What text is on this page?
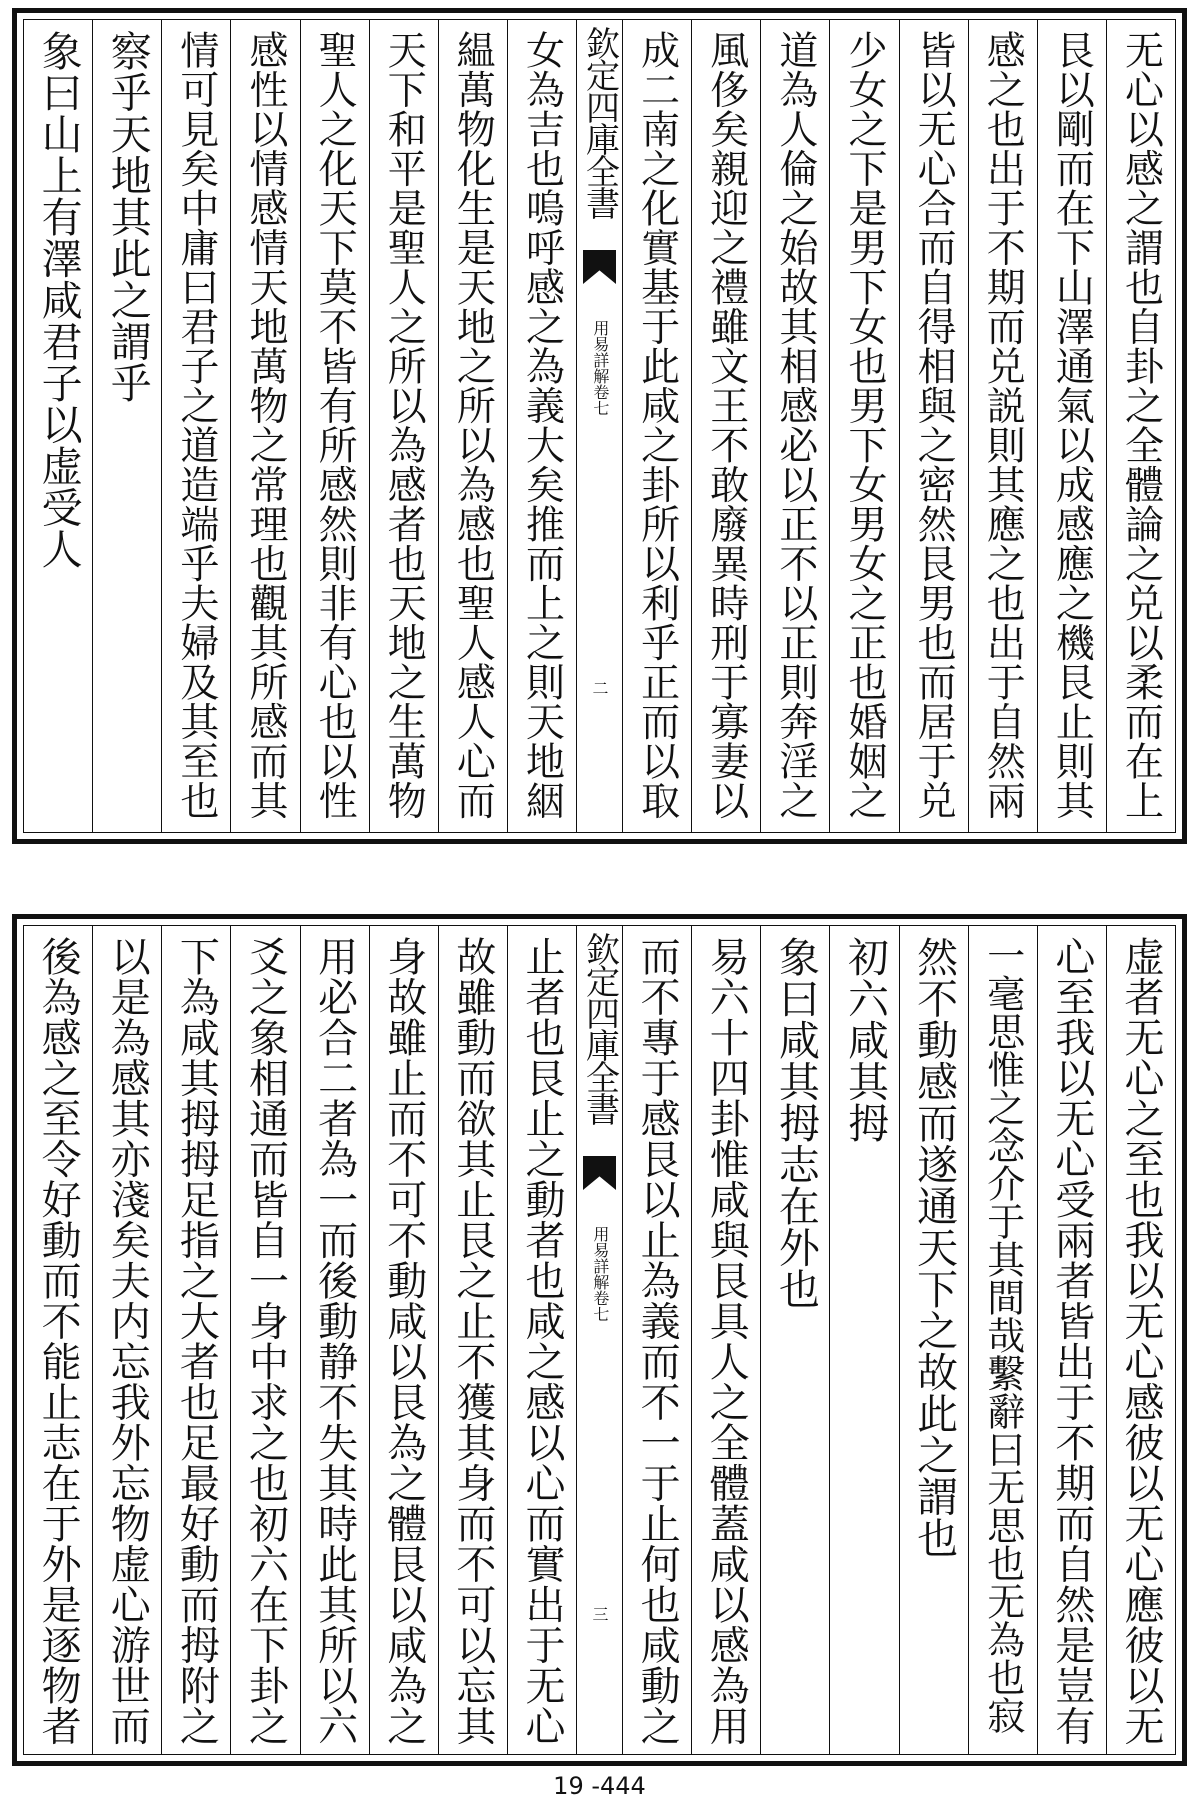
无心以感之謂也自卦之全體論之兑以柔而在上
艮以剛而在下山澤通氣以成感應之機艮止則其
感之也出于不期而兑説則其應之也出于自然兩
皆以无心合而自得相與之密然艮男也而居于兑
少女之下是男下女也男下女男女之正也婚姻之
道為人倫之始故其相感必以正不以正則奔淫之
風侈矣親迎之禮雖文王不敢廢異時刑于寡妻以
成二南之化實基于此咸之卦所以利乎正而以取
欽定四庫全書
用易詳解
卷七
二
女為吉也嗚呼感之為義大矣推而上之則天地絪
緼萬物化生是天地之所以為感也聖人感人心而
天下和平是聖人之所以為感者也天地之生萬物
聖人之化天下莫不皆有所感然則非有心也以性
感性以情感情天地萬物之常理也觀其所感而其
情可見矣中庸曰君子之道造端乎夫婦及其至也
察乎天地其此之謂乎
象曰山上有澤咸君子以虚受人
虚者无心之至也我以无心感彼以无心應彼以无
心至我以无心受兩者皆出于不期而自然是豈有
一毫思惟之念介于其間哉繫辭曰无思也无為也寂
然不動感而遂通天下之故此之謂也
初六咸其拇
象曰咸其拇志在外也
易六十四卦惟咸與艮具人之全體蓋咸以感為用
而不專于感艮以止為義而不一于止何也咸動之
欽定四庫全書
用易詳解
卷七
三
止者也艮止之動者也咸之感以心而實出于无心
故雖動而欲其止艮之止不獲其身而不可以忘其
身故雖止而不可不動咸以艮為之體艮以咸為之
用必合二者為一而後動静不失其時此其所以六
爻之象相通而皆自一身中求之也初六在下卦之
下為咸其拇拇足指之大者也足最好動而拇附之
以是為感其亦淺矣夫内忘我外忘物虚心游世而
後為感之至令好動而不能止志在于外是逐物者
19 -444
